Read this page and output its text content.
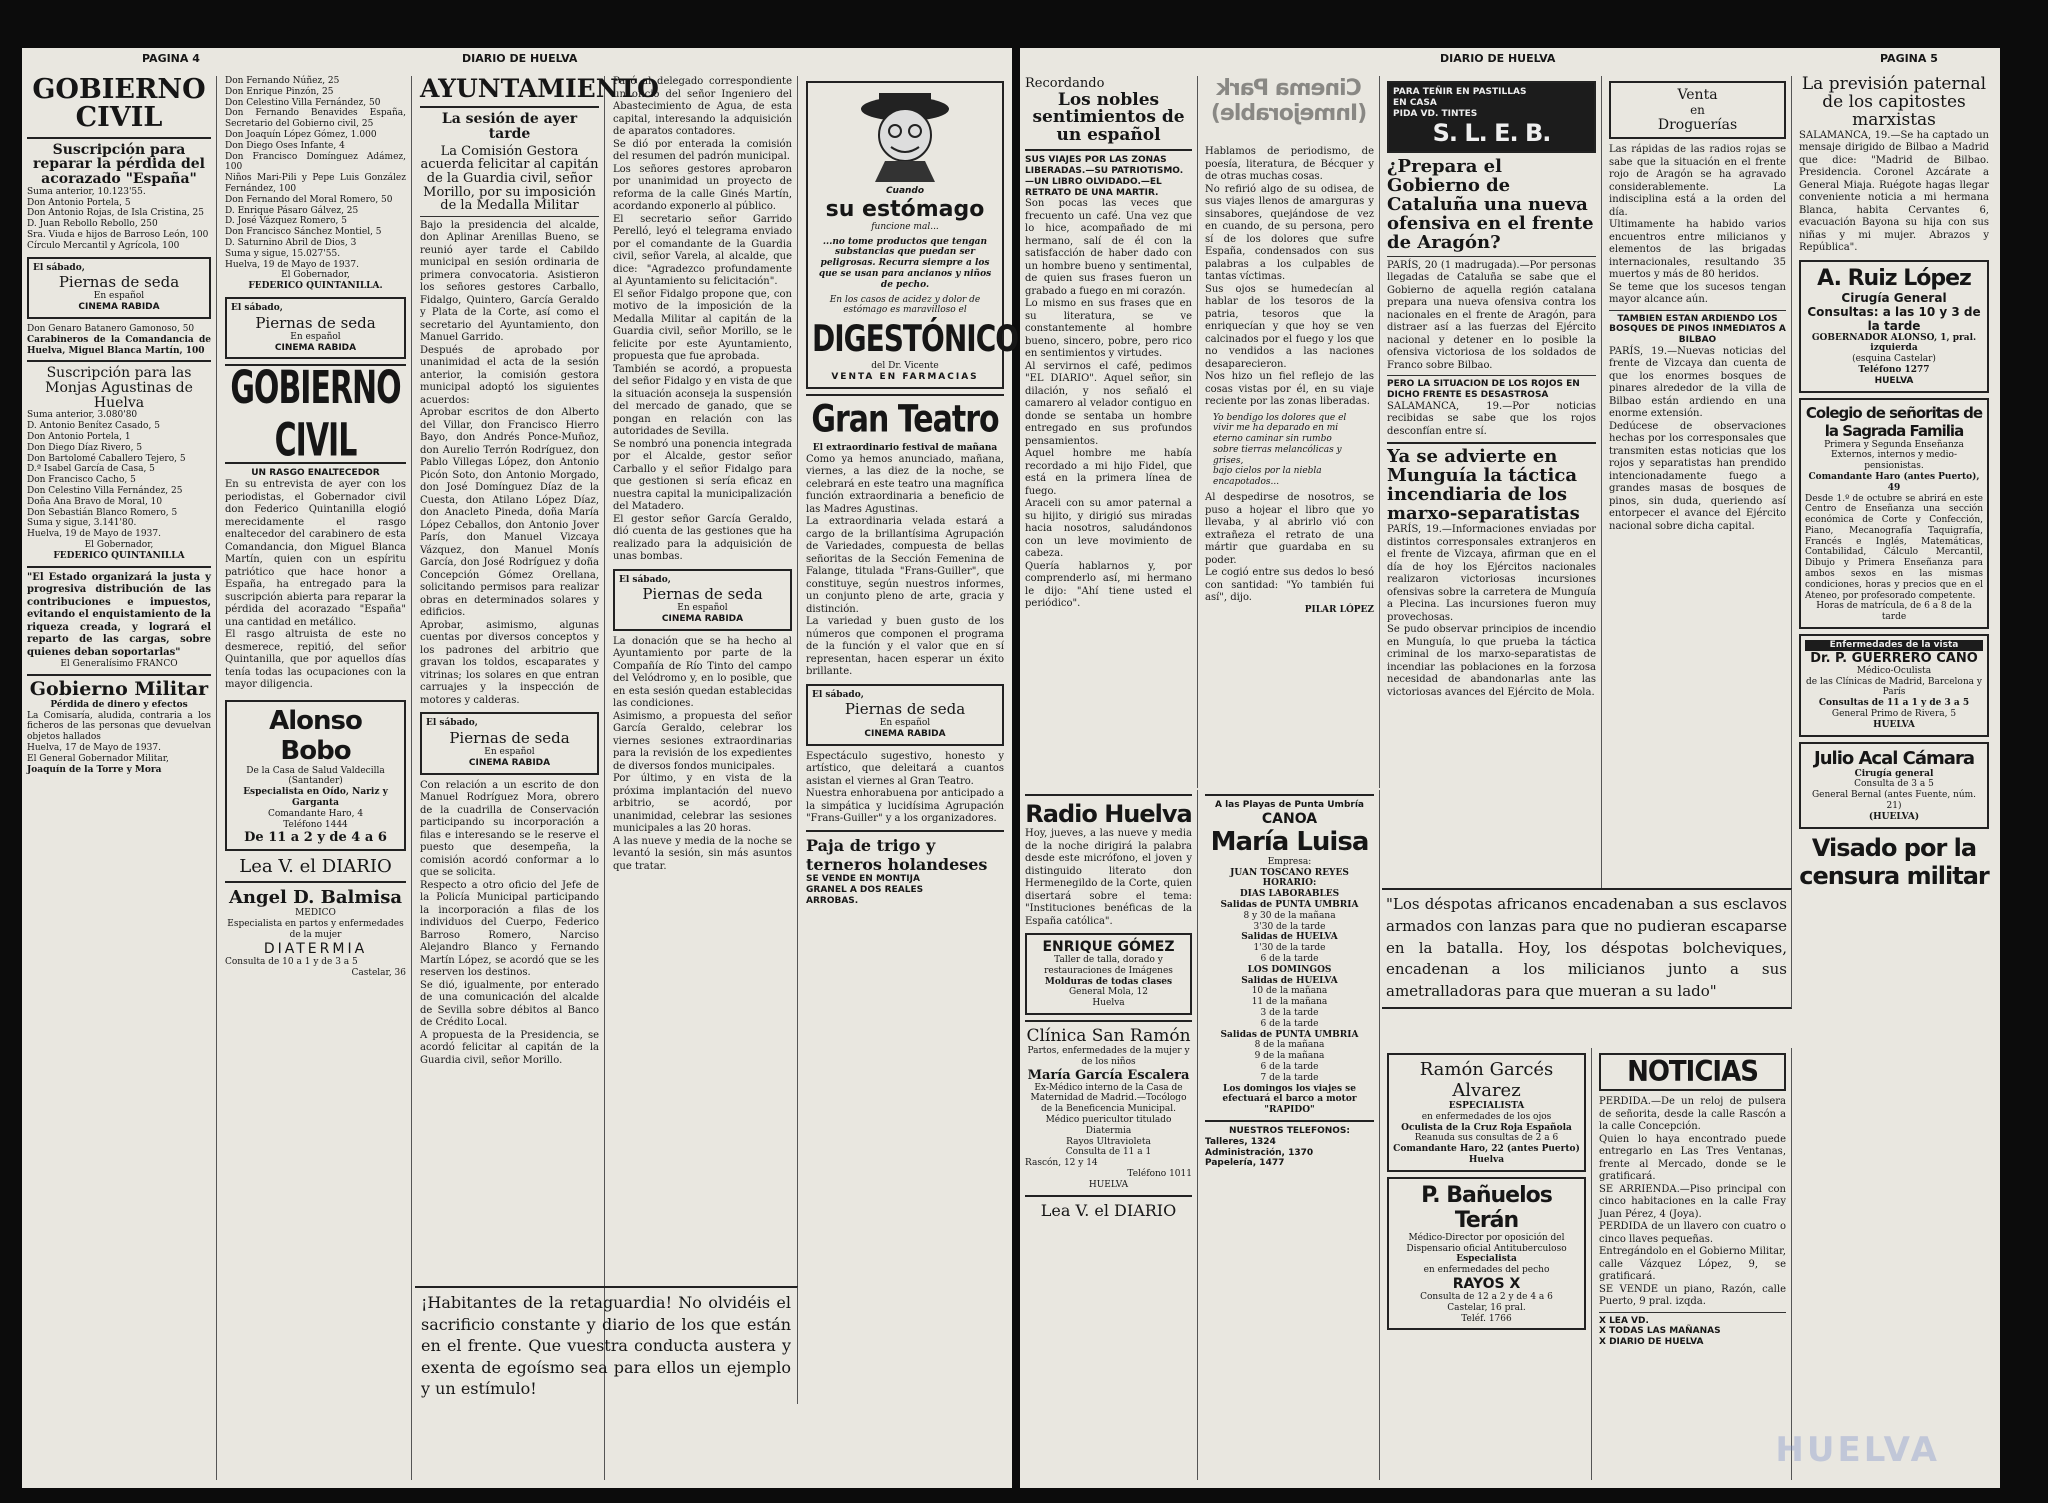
PAGINA 4	DIARIO DE HUELVA
GOBIERNO CIVIL
Suscripción para reparar la pérdida del acorazado "España"
Suma anterior, 10.123'55.
Don Antonio Portela, 5
Don Antonio Rojas, de Isla Cristina, 25
D. Juan Rebollo Rebollo, 250
Sra. Viuda e hijos de Barroso León, 100
Círculo Mercantil y Agrícola, 100
El sábado,
Piernas de seda
En español
CINEMA RABIDA
Don Genaro Batanero Gamonoso, 50
Carabineros de la Comandancia de Huelva, Miguel Blanca Martín, 100
Suscripción para las Monjas Agustinas de Huelva
Suma anterior, 3.080'80
D. Antonio Benítez Casado, 5
Don Antonio Portela, 1
Don Diego Díaz Rivero, 5
Don Bartolomé Caballero Tejero, 5
D.ª Isabel García de Casa, 5
Don Francisco Cacho, 5
Don Celestino Villa Fernández, 25
Doña Ana Bravo de Moral, 10
Don Sebastián Blanco Romero, 5
Suma y sigue, 3.141'80.
Huelva, 19 de Mayo de 1937.
El Gobernador,
FEDERICO QUINTANILLA
"El Estado organizará la justa y progresiva distribución de las contribuciones e impuestos, evitando el enquistamiento de la riqueza creada, y logrará el reparto de las cargas, sobre quienes deban soportarlas"
El Generalísimo FRANCO
Gobierno Militar
Pérdida de dinero y efectos
La Comisaría, aludida, contraria a los ficheros de las personas que devuelvan objetos hallados
Huelva, 17 de Mayo de 1937.
El General Gobernador Militar,
Joaquín de la Torre y Mora
Don Fernando Núñez, 25
Don Enrique Pinzón, 25
Don Celestino Villa Fernández, 50
Don Fernando Benavides España, Secretario del Gobierno civil, 25
Don Joaquín López Gómez, 1.000
Don Diego Oses Infante, 4
Don Francisco Domínguez Adámez, 100
Niños Mari-Pili y Pepe Luis González Fernández, 100
Don Fernando del Moral Romero, 50
D. Enrique Pásaro Gálvez, 25
D. José Vázquez Romero, 5
Don Francisco Sánchez Montiel, 5
D. Saturnino Abril de Dios, 3
Suma y sigue, 15.027'55.
Huelva, 19 de Mayo de 1937.
El Gobernador,
FEDERICO QUINTANILLA.
El sábado,
Piernas de seda
En español
CINEMA RABIDA
GOBIERNO CIVIL
UN RASGO ENALTECEDOR

En su entrevista de ayer con los periodistas, el Gobernador civil don Federico Quintanilla elogió merecidamente el rasgo enaltecedor del carabinero de esta Comandancia, don Miguel Blanca Martín, quien con un espíritu patriótico que hace honor a España, ha entregado para la suscripción abierta para reparar la pérdida del acorazado "España" una cantidad en metálico.

El rasgo altruista de este no desmerece, repitió, del señor Quintanilla, que por aquellos días tenía todas las ocupaciones con la mayor diligencia.

Alonso Bobo
De la Casa de Salud Valdecilla (Santander)
Especialista en Oído, Nariz y Garganta
Comandante Haro, 4
Teléfono 1444
De 11 a 2 y de 4 a 6
Lea V. el DIARIO
Angel D. Balmisa
MEDICO
Especialista en partos y enfermedades de la mujer
DIATERMIA
Consulta de 10 a 1 y de 3 a 5
Castelar, 36
AYUNTAMIENTO
La sesión de ayer tarde
La Comisión Gestora acuerda felicitar al capitán de la Guardia civil, señor Morillo, por su imposición de la Medalla Militar

Bajo la presidencia del alcalde, don Aplinar Arenillas Bueno, se reunió ayer tarde el Cabildo municipal en sesión ordinaria de primera convocatoria. Asistieron los señores gestores Carballo, Fidalgo, Quintero, García Geraldo y Plata de la Corte, así como el secretario del Ayuntamiento, don Manuel Garrido.

Después de aprobado por unanimidad el acta de la sesión anterior, la comisión gestora municipal adoptó los siguientes acuerdos:

Aprobar escritos de don Alberto del Villar, don Francisco Hierro Bayo, don Andrés Ponce-Muñoz, don Aurelio Terrón Rodríguez, don Pablo Villegas López, don Antonio Picón Soto, don Antonio Morgado, don José Domínguez Díaz de la Cuesta, don Atilano López Díaz, don Anacleto Pineda, doña María López Ceballos, don Antonio Jover París, don Manuel Vizcaya Vázquez, don Manuel Monís García, don José Rodríguez y doña Concepción Gómez Orellana, solicitando permisos para realizar obras en determinados solares y edificios.

Aprobar, asimismo, algunas cuentas por diversos conceptos y los padrones del arbitrio que gravan los toldos, escaparates y vitrinas; los solares en que entran carruajes y la inspección de motores y calderas.

El sábado,
Piernas de seda
En español
CINEMA RABIDA

Con relación a un escrito de don Manuel Rodríguez Mora, obrero de la cuadrilla de Conservación participando su incorporación a filas e interesando se le reserve el puesto que desempeña, la comisión acordó conformar a lo que se solicita.

Respecto a otro oficio del Jefe de la Policía Municipal participando la incorporación a filas de los individuos del Cuerpo, Federico Barroso Romero, Narciso Alejandro Blanco y Fernando Martín López, se acordó que se les reserven los destinos.

Se dió, igualmente, por enterado de una comunicación del alcalde de Sevilla sobre débitos al Banco de Crédito Local.

A propuesta de la Presidencia, se acordó felicitar al capitán de la Guardia civil, señor Morillo.

Pasó al delegado correspondiente un oficio del señor Ingeniero del Abastecimiento de Agua, de esta capital, interesando la adquisición de aparatos contadores.

Se dió por enterada la comisión del resumen del padrón municipal.

Los señores gestores aprobaron por unanimidad un proyecto de reforma de la calle Ginés Martín, acordando exponerlo al público.

El secretario señor Garrido Perelló, leyó el telegrama enviado por el comandante de la Guardia civil, señor Varela, al alcalde, que dice: "Agradezco profundamente al Ayuntamiento su felicitación".

El señor Fidalgo propone que, con motivo de la imposición de la Medalla Militar al capitán de la Guardia civil, señor Morillo, se le felicite por este Ayuntamiento, propuesta que fue aprobada.

También se acordó, a propuesta del señor Fidalgo y en vista de que la situación aconseja la suspensión del mercado de ganado, que se pongan en relación con las autoridades de Sevilla.

Se nombró una ponencia integrada por el Alcalde, gestor señor Carballo y el señor Fidalgo para que gestionen si sería eficaz en nuestra capital la municipalización del Matadero.

El gestor señor García Geraldo, dió cuenta de las gestiones que ha realizado para la adquisición de unas bombas.

El sábado,
Piernas de seda
En español
CINEMA RABIDA

La donación que se ha hecho al Ayuntamiento por parte de la Compañía de Río Tinto del campo del Velódromo y, en lo posible, que en esta sesión quedan establecidas las condiciones.

Asimismo, a propuesta del señor García Geraldo, celebrar los viernes sesiones extraordinarias para la revisión de los expedientes de diversos fondos municipales.

Por último, y en vista de la próxima implantación del nuevo arbitrio, se acordó, por unanimidad, celebrar las sesiones municipales a las 20 horas.

A las nueve y media de la noche se levantó la sesión, sin más asuntos que tratar.

¡Habitantes de la retaguardia! No olvidéis el sacrificio constante y diario de los que están en el frente. Que vuestra conducta austera y exenta de egoísmo sea para ellos un ejemplo y un estímulo!
Cuando
su estómago
funcione mal...
...no tome productos que tengan substancias que puedan ser peligrosas. Recurra siempre a los que se usan para ancianos y niños de pecho.
En los casos de acidez y dolor de estómago es maravilloso el
DIGESTÓNICO
del Dr. Vicente
VENTA EN FARMACIAS
Gran Teatro
El extraordinario festival de mañana

Como ya hemos anunciado, mañana, viernes, a las diez de la noche, se celebrará en este teatro una magnífica función extraordinaria a beneficio de las Madres Agustinas.

La extraordinaria velada estará a cargo de la brillantísima Agrupación de Variedades, compuesta de bellas señoritas de la Sección Femenina de Falange, titulada "Frans-Guiller", que constituye, según nuestros informes, un conjunto pleno de arte, gracia y distinción.

La variedad y buen gusto de los números que componen el programa de la función y el valor que en sí representan, hacen esperar un éxito brillante.

El sábado,
Piernas de seda
En español
CINEMA RABIDA

Espectáculo sugestivo, honesto y artístico, que deleitará a cuantos asistan el viernes al Gran Teatro.

Nuestra enhorabuena por anticipado a la simpática y lucidísima Agrupación "Frans-Guiller" y a los organizadores.

Paja de trigo y terneros holandeses
SE VENDE EN MONTIJA
GRANEL A DOS REALES
ARROBAS.
DIARIO DE HUELVA	PAGINA 5
Recordando
Los nobles sentimientos de un español
SUS VIAJES POR LAS ZONAS LIBERADAS.—SU PATRIOTISMO.—UN LIBRO OLVIDADO.—EL RETRATO DE UNA MARTIR.

Son pocas las veces que frecuento un café. Una vez que lo hice, acompañado de mi hermano, salí de él con la satisfacción de haber dado con un hombre bueno y sentimental, de quien sus frases fueron un grabado a fuego en mi corazón.

Lo mismo en sus frases que en su literatura, se ve constantemente al hombre bueno, sincero, pobre, pero rico en sentimientos y virtudes.

Al servirnos el café, pedimos "EL DIARIO". Aquel señor, sin dilación, y nos señaló el camarero al velador contiguo en donde se sentaba un hombre entregado en sus profundos pensamientos.

Aquel hombre me había recordado a mi hijo Fidel, que está en la primera línea de fuego.

Araceli con su amor paternal a su hijito, y dirigió sus miradas hacia nosotros, saludándonos con un leve movimiento de cabeza.

Quería hablarnos y, por comprenderlo así, mi hermano le dijo: "Ahí tiene usted el periódico".

Cinema Park (Inmejorable)

Hablamos de periodismo, de poesía, literatura, de Bécquer y de otras muchas cosas.

No refirió algo de su odisea, de sus viajes llenos de amarguras y sinsabores, quejándose de vez en cuando, de su persona, pero sí de los dolores que sufre España, condensados con sus palabras a los culpables de tantas víctimas.

Sus ojos se humedecían al hablar de los tesoros de la patria, tesoros que la enriquecían y que hoy se ven calcinados por el fuego y los que no vendidos a las naciones desaparecieron.

Nos hizo un fiel reflejo de las cosas vistas por él, en su viaje reciente por las zonas liberadas.

Yo bendigo los dolores que el vivir me ha deparado en mi eterno caminar sin rumbo
sobre tierras melancólicas y grises,
bajo cielos por la niebla encapotados...

Al despedirse de nosotros, se puso a hojear el libro que yo llevaba, y al abrirlo vió con extrañeza el retrato de una mártir que guardaba en su poder.

Le cogió entre sus dedos lo besó con santidad: "Yo también fui así", dijo.

PILAR LÓPEZ
Radio Huelva

Hoy, jueves, a las nueve y media de la noche dirigirá la palabra desde este micrófono, el joven y distinguido literato don Hermenegildo de la Corte, quien disertará sobre el tema: "Instituciones benéficas de la España católica".

ENRIQUE GÓMEZ
Taller de talla, dorado y restauraciones de Imágenes
Molduras de todas clases
General Mola, 12
Huelva
Clínica San Ramón
Partos, enfermedades de la mujer y de los niños
María García Escalera
Ex-Médico interno de la Casa de Maternidad de Madrid.—Tocólogo de la Beneficencia Municipal.
Médico puericultor titulado
Diatermia
Rayos Ultravioleta
Consulta de 11 a 1
Rascón, 12 y 14
Teléfono 1011
HUELVA
Lea V. el DIARIO
A las Playas de Punta Umbría
CANOA
María Luisa
Empresa:
JUAN TOSCANO REYES
HORARIO:
DIAS LABORABLES
Salidas de PUNTA UMBRIA
8 y 30 de la mañana
3'30 de la tarde
Salidas de HUELVA
1'30 de la tarde
6 de la tarde
LOS DOMINGOS
Salidas de HUELVA
10 de la mañana
11 de la mañana
3 de la tarde
6 de la tarde
Salidas de PUNTA UMBRIA
8 de la mañana
9 de la mañana
6 de la tarde
7 de la tarde
Los domingos los viajes se efectuará el barco a motor "RAPIDO"
NUESTROS TELEFONOS:
Talleres, 1324
Administración, 1370
Papelería, 1477
PARA TEÑIR EN PASTILLAS
EN CASA
PIDA VD. TINTES
S. L. E. B.
¿Prepara el Gobierno de Cataluña una nueva ofensiva en el frente de Aragón?

PARÍS, 20 (1 madrugada).—Por personas llegadas de Cataluña se sabe que el Gobierno de aquella región catalana prepara una nueva ofensiva contra los nacionales en el frente de Aragón, para distraer así a las fuerzas del Ejército nacional y detener en lo posible la ofensiva victoriosa de los soldados de Franco sobre Bilbao.

PERO LA SITUACION DE LOS ROJOS EN DICHO FRENTE ES DESASTROSA

SALAMANCA, 19.—Por noticias recibidas se sabe que los rojos desconfían entre sí.

Ya se advierte en Munguía la táctica incendiaria de los marxo-separatistas

PARÍS, 19.—Informaciones enviadas por distintos corresponsales extranjeros en el frente de Vizcaya, afirman que en el día de hoy los Ejércitos nacionales realizaron victoriosas incursiones ofensivas sobre la carretera de Munguía a Plecina. Las incursiones fueron muy provechosas.

Se pudo observar principios de incendio en Munguía, lo que prueba la táctica criminal de los marxo-separatistas de incendiar las poblaciones en la forzosa necesidad de abandonarlas ante las victoriosas avances del Ejército de Mola.

Venta
en
Droguerías

Las rápidas de las radios rojas se sabe que la situación en el frente rojo de Aragón se ha agravado considerablemente. La indisciplina está a la orden del día.

Ultimamente ha habido varios encuentros entre milicianos y elementos de las brigadas internacionales, resultando 35 muertos y más de 80 heridos.

Se teme que los sucesos tengan mayor alcance aún.

TAMBIEN ESTAN ARDIENDO LOS BOSQUES DE PINOS INMEDIATOS A BILBAO

PARÍS, 19.—Nuevas noticias del frente de Vizcaya dan cuenta de que los enormes bosques de pinares alrededor de la villa de Bilbao están ardiendo en una enorme extensión.

Dedúcese de observaciones hechas por los corresponsales que transmiten estas noticias que los rojos y separatistas han prendido intencionadamente fuego a grandes masas de bosques de pinos, sin duda, queriendo así entorpecer el avance del Ejército nacional sobre dicha capital.

"Los déspotas africanos encadenaban a sus esclavos armados con lanzas para que no pudieran escaparse en la batalla. Hoy, los déspotas bolcheviques, encadenan a los milicianos junto a sus ametralladoras para que mueran a su lado"
Ramón Garcés Alvarez
ESPECIALISTA
en enfermedades de los ojos
Oculista de la Cruz Roja Española
Reanuda sus consultas de 2 a 6
Comandante Haro, 22 (antes Puerto) Huelva
P. Bañuelos Terán
Médico-Director por oposición del Dispensario oficial Antituberculoso
Especialista
en enfermedades del pecho
RAYOS X
Consulta de 12 a 2 y de 4 a 6
Castelar, 16 pral.
Teléf. 1766
NOTICIAS

PERDIDA.—De un reloj de pulsera de señorita, desde la calle Rascón a la calle Concepción.

Quien lo haya encontrado puede entregarlo en Las Tres Ventanas, frente al Mercado, donde se le gratificará.

SE ARRIENDA.—Piso principal con cinco habitaciones en la calle Fray Juan Pérez, 4 (Joya).

PERDIDA de un llavero con cuatro o cinco llaves pequeñas.

Entregándolo en el Gobierno Militar, calle Vázquez López, 9, se gratificará.

SE VENDE un piano, Razón, calle Puerto, 9 pral. izqda.

X LEA VD.
X TODAS LAS MAÑANAS
X DIARIO DE HUELVA
La previsión paternal de los capitostes marxistas

SALAMANCA, 19.—Se ha captado un mensaje dirigido de Bilbao a Madrid que dice: "Madrid de Bilbao. Presidencia. Coronel Azcárate a General Miaja. Ruégote hagas llegar conveniente noticia a mi hermana Blanca, habita Cervantes 6, evacuación Bayona su hija con sus niñas y mi mujer. Abrazos y República".

A. Ruiz López
Cirugía General
Consultas: a las 10 y 3 de la tarde
GOBERNADOR ALONSO, 1, pral. izquierda
(esquina Castelar)
Teléfono 1277
HUELVA
Colegio de señoritas de la Sagrada Familia
Primera y Segunda Enseñanza
Externos, internos y medio-pensionistas.
Comandante Haro (antes Puerto), 49
Desde 1.º de octubre se abrirá en este Centro de Enseñanza una sección económica de Corte y Confección, Piano, Mecanografía Taquigrafía, Francés e Inglés, Matemáticas, Contabilidad, Cálculo Mercantil, Dibujo y Primera Enseñanza para ambos sexos en las mismas condiciones, horas y precios que en el Ateneo, por profesorado competente.
Horas de matrícula, de 6 a 8 de la tarde
Enfermedades de la vista
Dr. P. GUERRERO CANO
Médico-Oculista
de las Clínicas de Madrid, Barcelona y París
Consultas de 11 a 1 y de 3 a 5
General Primo de Rivera, 5
HUELVA
Julio Acal Cámara
Cirugía general
Consulta de 3 a 5
General Bernal (antes Fuente, núm. 21)
(HUELVA)
Visado por la censura militar
HUELVA
